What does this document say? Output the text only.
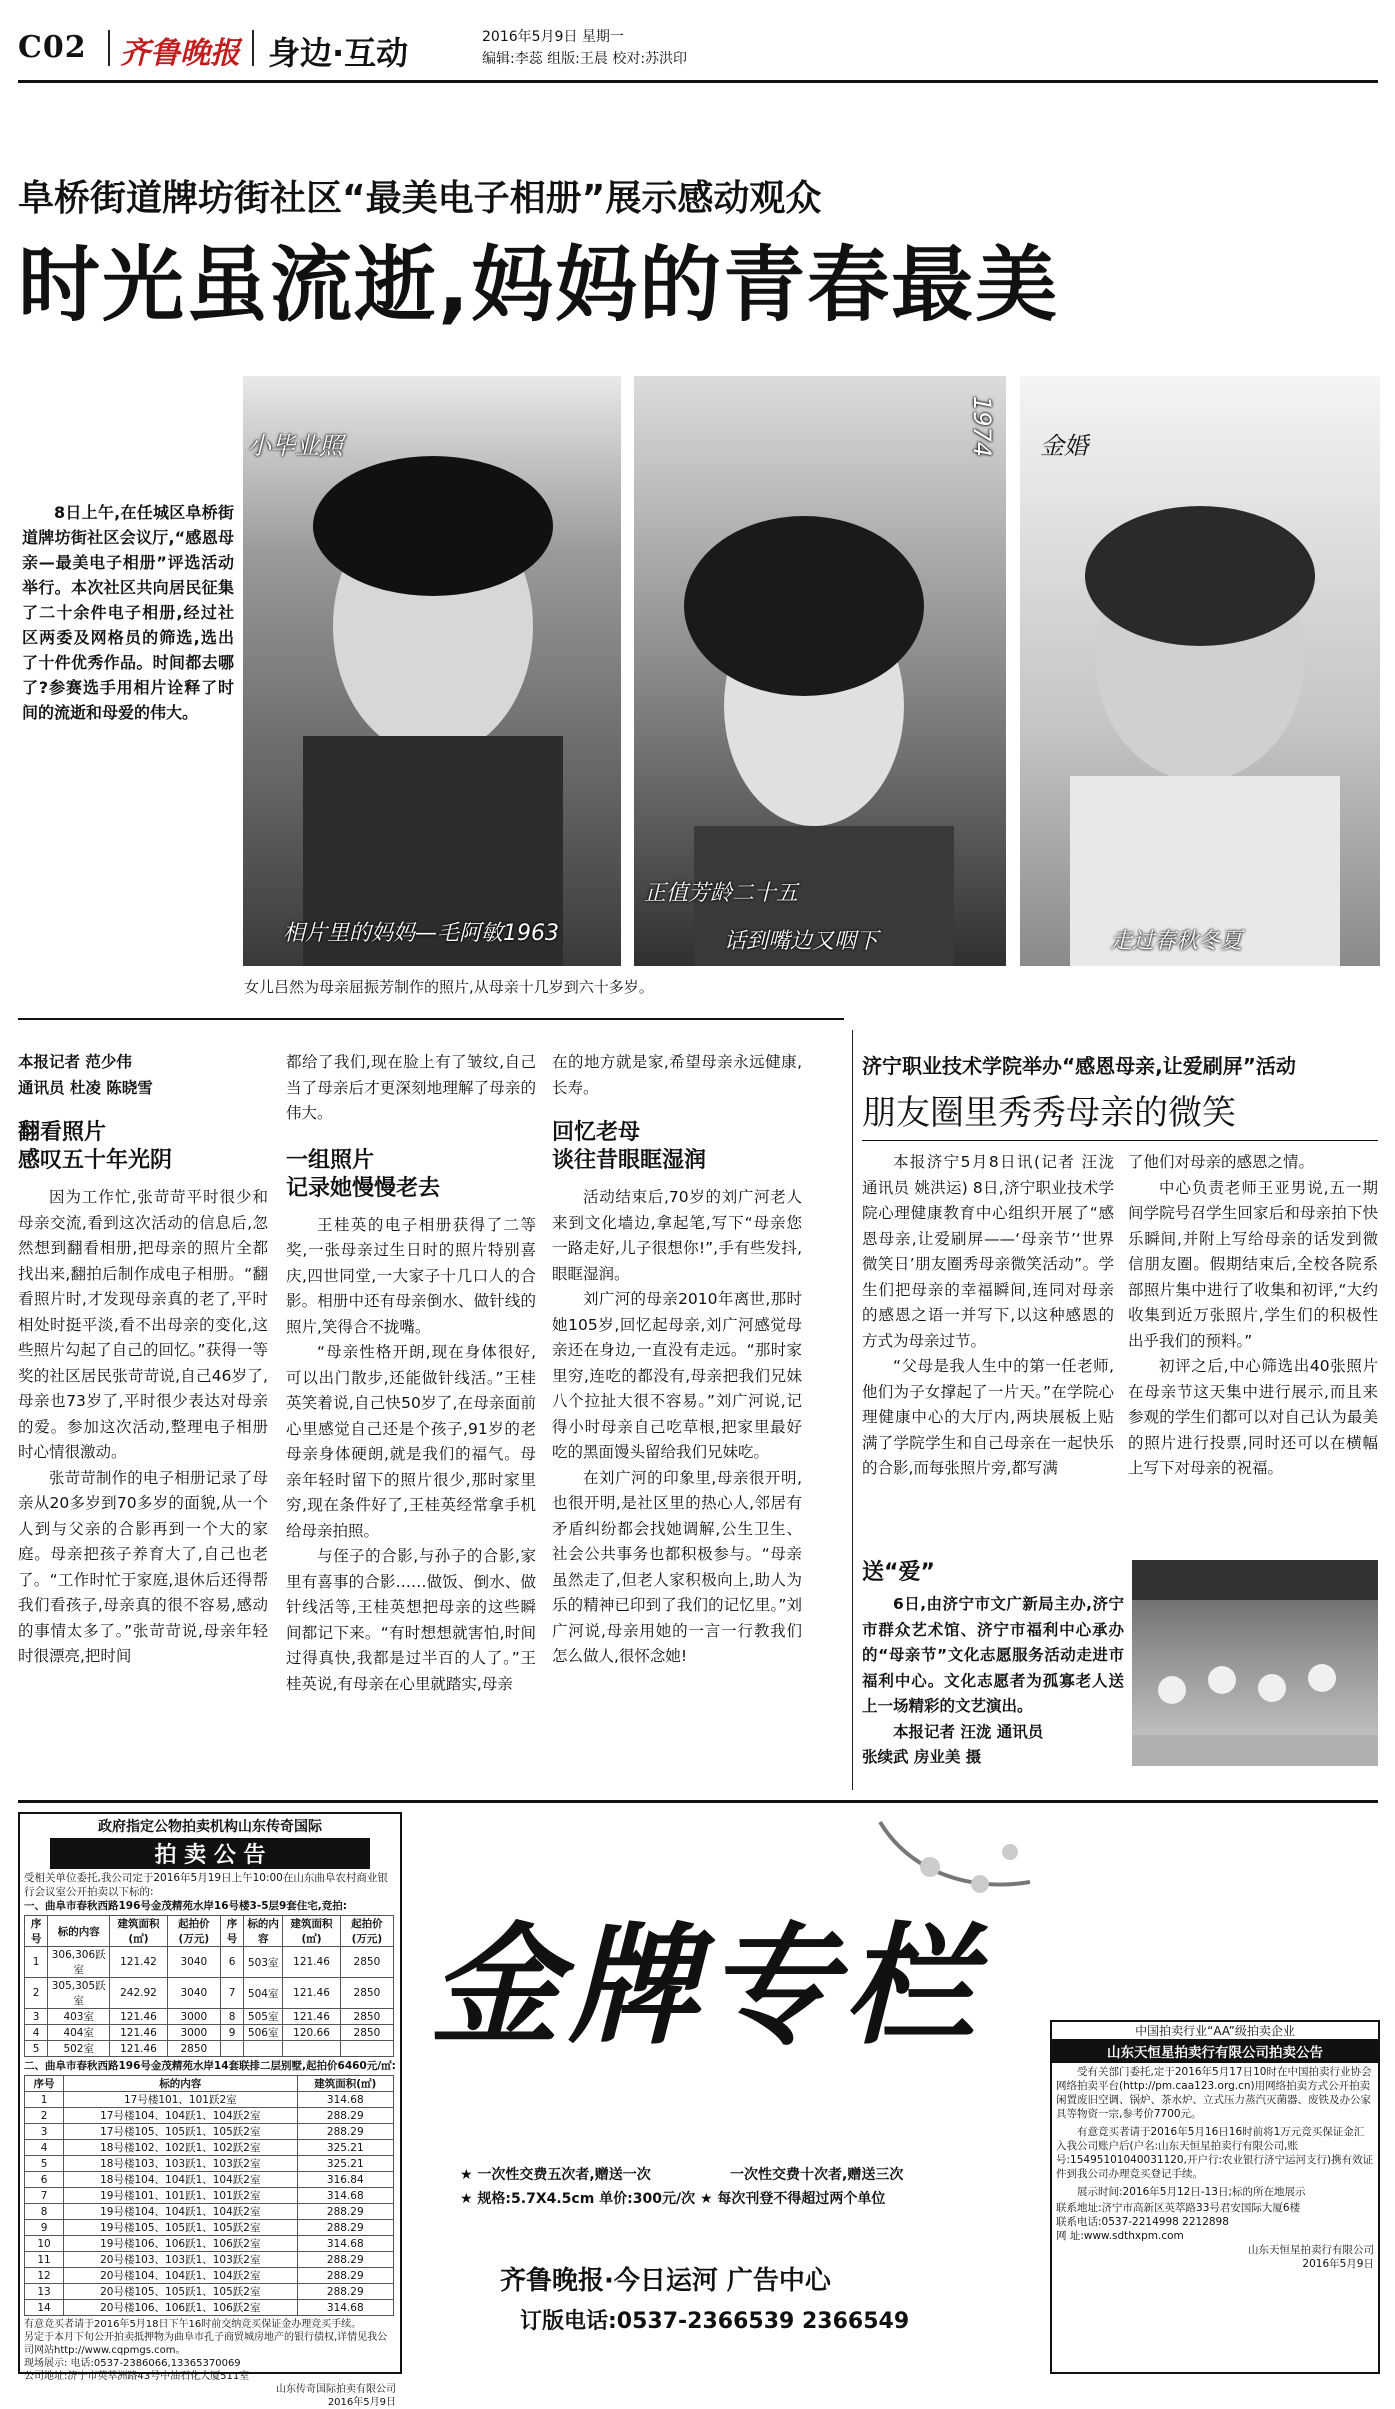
C02 齐鲁晚报 身边·互动	2016年5月9日 星期一
编辑:李蕊 组版:王晨 校对:苏洪印
阜桥街道牌坊街社区“最美电子相册”展示感动观众
时光虽流逝,妈妈的青春最美

8日上午,在任城区阜桥街道牌坊街社区会议厅,“感恩母亲—最美电子相册”评选活动举行。本次社区共向居民征集了二十余件电子相册,经过社区两委及网格员的筛选,选出了十件优秀作品。时间都去哪了?参赛选手用相片诠释了时间的流逝和母爱的伟大。

小毕业照
相片里的妈妈—毛阿敏1963
1974
正值芳龄二十五
话到嘴边又咽下
金婚
走过春秋冬夏
女儿吕然为母亲屈振芳制作的照片,从母亲十几岁到六十多岁。
本报记者 范少伟
通讯员 杜凌 陈晓雪
翻看照片
感叹五十年光阴

因为工作忙,张苛苛平时很少和母亲交流,看到这次活动的信息后,忽然想到翻看相册,把母亲的照片全都找出来,翻拍后制作成电子相册。“翻看照片时,才发现母亲真的老了,平时相处时挺平淡,看不出母亲的变化,这些照片勾起了自己的回忆。”获得一等奖的社区居民张苛苛说,自己46岁了,母亲也73岁了,平时很少表达对母亲的爱。参加这次活动,整理电子相册时心情很激动。

张苛苛制作的电子相册记录了母亲从20多岁到70多岁的面貌,从一个人到与父亲的合影再到一个大的家庭。母亲把孩子养育大了,自己也老了。“工作时忙于家庭,退休后还得帮我们看孩子,母亲真的很不容易,感动的事情太多了。”张苛苛说,母亲年轻时很漂亮,把时间

都给了我们,现在脸上有了皱纹,自己当了母亲后才更深刻地理解了母亲的伟大。

一组照片
记录她慢慢老去

王桂英的电子相册获得了二等奖,一张母亲过生日时的照片特别喜庆,四世同堂,一大家子十几口人的合影。相册中还有母亲倒水、做针线的照片,笑得合不拢嘴。

“母亲性格开朗,现在身体很好,可以出门散步,还能做针线活。”王桂英笑着说,自己快50岁了,在母亲面前心里感觉自己还是个孩子,91岁的老母亲身体硬朗,就是我们的福气。母亲年轻时留下的照片很少,那时家里穷,现在条件好了,王桂英经常拿手机给母亲拍照。

与侄子的合影,与孙子的合影,家里有喜事的合影……做饭、倒水、做针线活等,王桂英想把母亲的这些瞬间都记下来。“有时想想就害怕,时间过得真快,我都是过半百的人了。”王桂英说,有母亲在心里就踏实,母亲

在的地方就是家,希望母亲永远健康,长寿。

回忆老母
谈往昔眼眶湿润

活动结束后,70岁的刘广河老人来到文化墙边,拿起笔,写下“母亲您一路走好,儿子很想你!”,手有些发抖,眼眶湿润。

刘广河的母亲2010年离世,那时她105岁,回忆起母亲,刘广河感觉母亲还在身边,一直没有走远。“那时家里穷,连吃的都没有,母亲把我们兄妹八个拉扯大很不容易。”刘广河说,记得小时母亲自己吃草根,把家里最好吃的黑面馒头留给我们兄妹吃。

在刘广河的印象里,母亲很开明,也很开明,是社区里的热心人,邻居有矛盾纠纷都会找她调解,公生卫生、社会公共事务也都积极参与。“母亲虽然走了,但老人家积极向上,助人为乐的精神已印到了我们的记忆里。”刘广河说,母亲用她的一言一行教我们怎么做人,很怀念她!

济宁职业技术学院举办“感恩母亲,让爱刷屏”活动
朋友圈里秀秀母亲的微笑

本报济宁5月8日讯(记者 汪泷 通讯员 姚洪运) 8日,济宁职业技术学院心理健康教育中心组织开展了“感恩母亲,让爱刷屏——‘母亲节’‘世界微笑日’朋友圈秀母亲微笑活动”。学生们把母亲的幸福瞬间,连同对母亲的感恩之语一并写下,以这种感恩的方式为母亲过节。

“父母是我人生中的第一任老师,他们为子女撑起了一片天。”在学院心理健康中心的大厅内,两块展板上贴满了学院学生和自己母亲在一起快乐的合影,而每张照片旁,都写满

了他们对母亲的感恩之情。

中心负责老师王亚男说,五一期间学院号召学生回家后和母亲拍下快乐瞬间,并附上写给母亲的话发到微信朋友圈。假期结束后,全校各院系部照片集中进行了收集和初评,“大约收集到近万张照片,学生们的积极性出乎我们的预料。”

初评之后,中心筛选出40张照片在母亲节这天集中进行展示,而且来参观的学生们都可以对自己认为最美的照片进行投票,同时还可以在横幅上写下对母亲的祝福。

送“爱”

6日,由济宁市文广新局主办,济宁市群众艺术馆、济宁市福利中心承办的“母亲节”文化志愿服务活动走进市福利中心。文化志愿者为孤寡老人送上一场精彩的文艺演出。

本报记者 汪泷 通讯员
张续武 房业美 摄
政府指定公物拍卖机构山东传奇国际
拍 卖 公 告
受相关单位委托,我公司定于2016年5月19日上午10:00在山东曲阜农村商业银行会议室公开拍卖以下标的:
一、曲阜市春秋西路196号金茂精苑水岸16号楼3-5层9套住宅,竞拍:
序号	标的内容	建筑面积(㎡)	起拍价(万元)	序号	标的内容	建筑面积(㎡)	起拍价(万元)
1	306,306跃室	121.42	3040	6	503室	121.46	2850
2	305,305跃室	242.92	3040	7	504室	121.46	2850
3	403室	121.46	3000	8	505室	121.46	2850
4	404室	121.46	3000	9	506室	120.66	2850
5	502室	121.46	2850				
二、曲阜市春秋西路196号金茂精苑水岸14套联排二层别墅,起拍价6460元/㎡:
序号	标的内容	建筑面积(㎡)
1	17号楼101、101跃2室	314.68
2	17号楼104、104跃1、104跃2室	288.29
3	17号楼105、105跃1、105跃2室	288.29
4	18号楼102、102跃1、102跃2室	325.21
5	18号楼103、103跃1、103跃2室	325.21
6	18号楼104、104跃1、104跃2室	316.84
7	19号楼101、101跃1、101跃2室	314.68
8	19号楼104、104跃1、104跃2室	288.29
9	19号楼105、105跃1、105跃2室	288.29
10	19号楼106、106跃1、106跃2室	314.68
11	20号楼103、103跃1、103跃2室	288.29
12	20号楼104、104跃1、104跃2室	288.29
13	20号楼105、105跃1、105跃2室	288.29
14	20号楼106、106跃1、106跃2室	314.68
有意竞买者请于2016年5月18日下午16时前交纳竞买保证金办理竞买手续。
另定于本月下旬公开拍卖抵押物为曲阜市孔子商贸城房地产的银行债权,详情见我公司网站http://www.cqpmgs.com。
现场展示: 电话:0537-2386066,13365370069
公司地址:济宁市英萃洲路43号中油石化大厦511室
山东传奇国际拍卖有限公司
2016年5月9日
金牌专栏
★ 一次性交费五次者,赠送一次	一次性交费十次者,赠送三次
★ 规格:5.7X4.5cm 单价:300元/次 ★ 每次刊登不得超过两个单位
齐鲁晚报·今日运河 广告中心
订版电话:0537-2366539 2366549
中国拍卖行业“AA”级拍卖企业
山东天恒星拍卖行有限公司拍卖公告
受有关部门委托,定于2016年5月17日10时在中国拍卖行业协会网络拍卖平台(http://pm.caa123.org.cn)用网络拍卖方式公开拍卖闲置废旧空调、锅炉、茶水炉、立式压力蒸汽灭菌器、废铁及办公家具等物资一宗,参考价7700元。
有意竞买者请于2016年5月16日16时前将1万元竞买保证金汇入我公司账户后(户名:山东天恒星拍卖行有限公司,账号:15495101040031120,开户行:农业银行济宁运河支行)携有效证件到我公司办理竞买登记手续。
展示时间:2016年5月12日-13日;标的所在地展示
联系地址:济宁市高新区英萃路33号君安国际大厦6楼
联系电话:0537-2214998 2212898
网 址:www.sdthxpm.com
山东天恒星拍卖行有限公司
2016年5月9日
